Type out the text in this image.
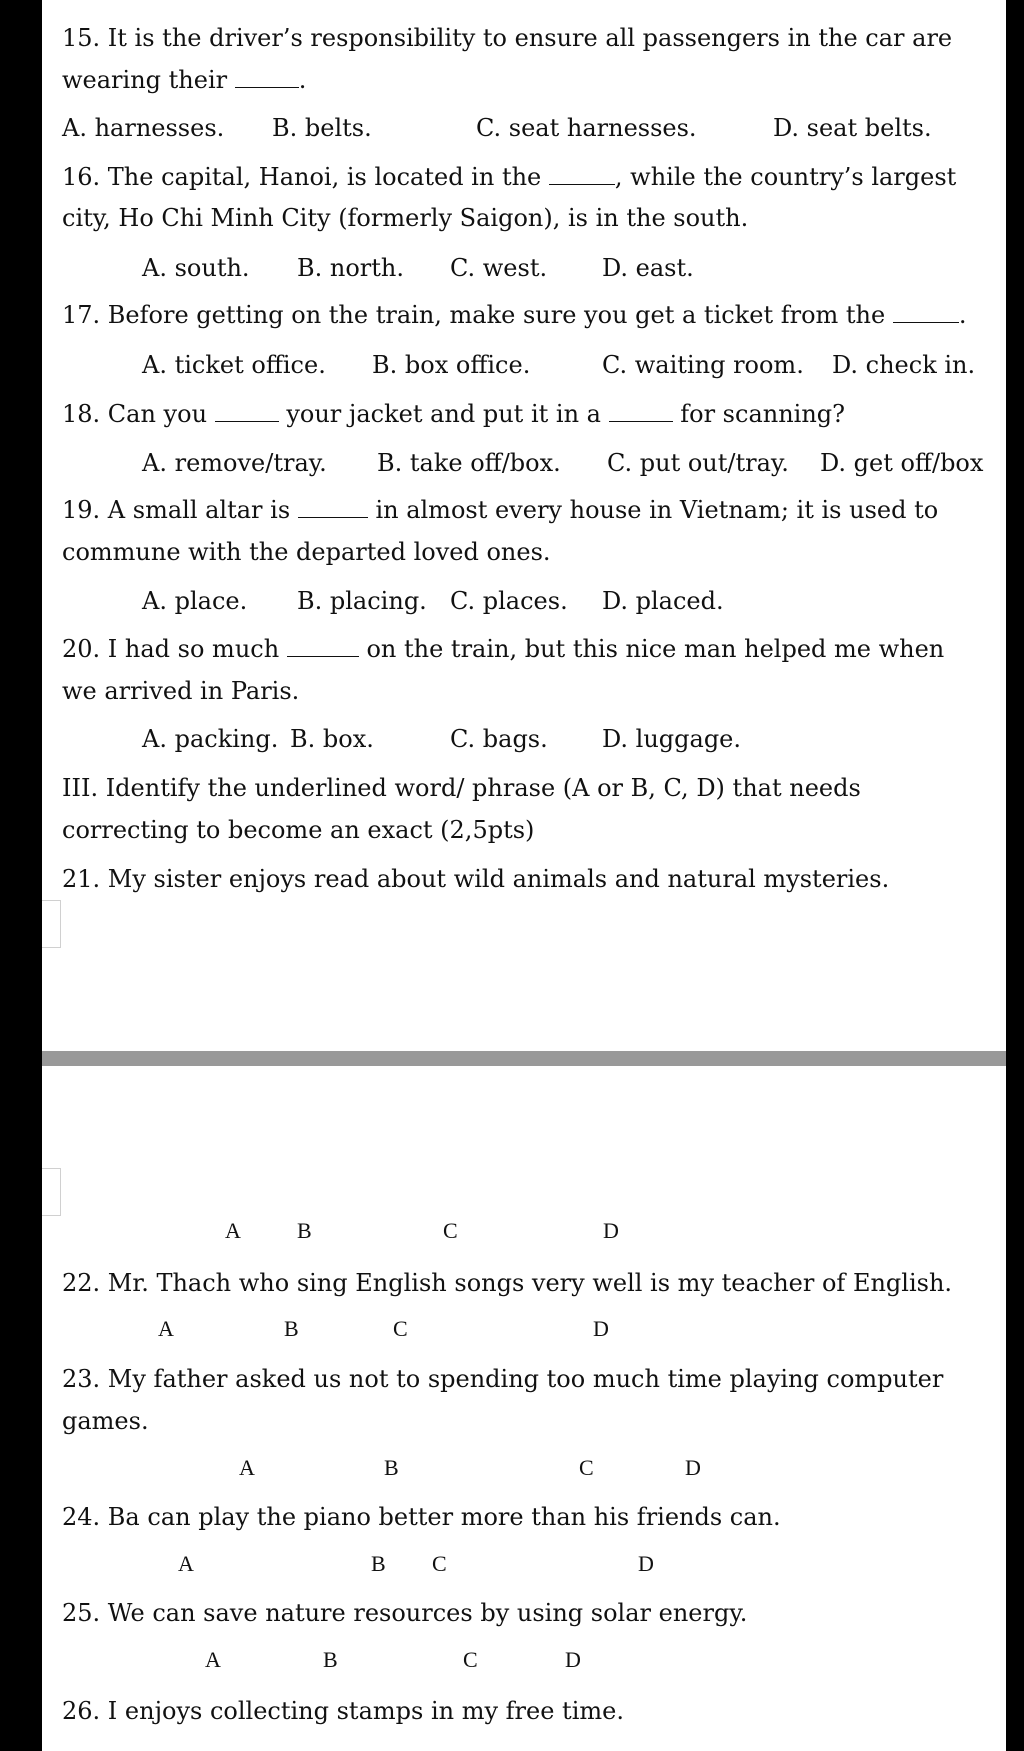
15. It is the driver’s responsibility to ensure all passengers in the car are
wearing their	.
A. harnesses. B. belts.	C. seat harnesses.	D. seat belts.
16. The capital, Hanoi, is located in the	, while the country’s largest
city, Ho Chi Minh City (formerly Saigon), is in the south.
A. south. B. north. C. west. D. east.
17. Before getting on the train, make sure you get a ticket from the	.
A. ticket office. B. box office.	C. waiting room. D. check in.
18. Can you	your jacket and put it in a	for scanning?
A. remove/tray. B. take off/box. C. put out/tray. D. get off/box
19. A small altar is	in almost every house in Vietnam; it is used to
commune with the departed loved ones.
A. place. B. placing. C. places. D. placed.
20. I had so much	on the train, but this nice man helped me when
we arrived in Paris.
A. packing. B. box.	C. bags. D. luggage.
III. Identify the underlined word/ phrase (A or B, C, D) that needs
correcting to become an exact (2,5pts)
21. My sister enjoys read about wild animals and natural mysteries.
A	B	C	D
22. Mr. Thach who sing English songs very well is my teacher of English.
A	B	C	D
23. My father asked us not to spending too much time playing computer
games.
A	B	C	D
24. Ba can play the piano better more than his friends can.
A	B C	D
25. We can save nature resources by using solar energy.
A	B	C	D
26. I enjoys collecting stamps in my free time.
